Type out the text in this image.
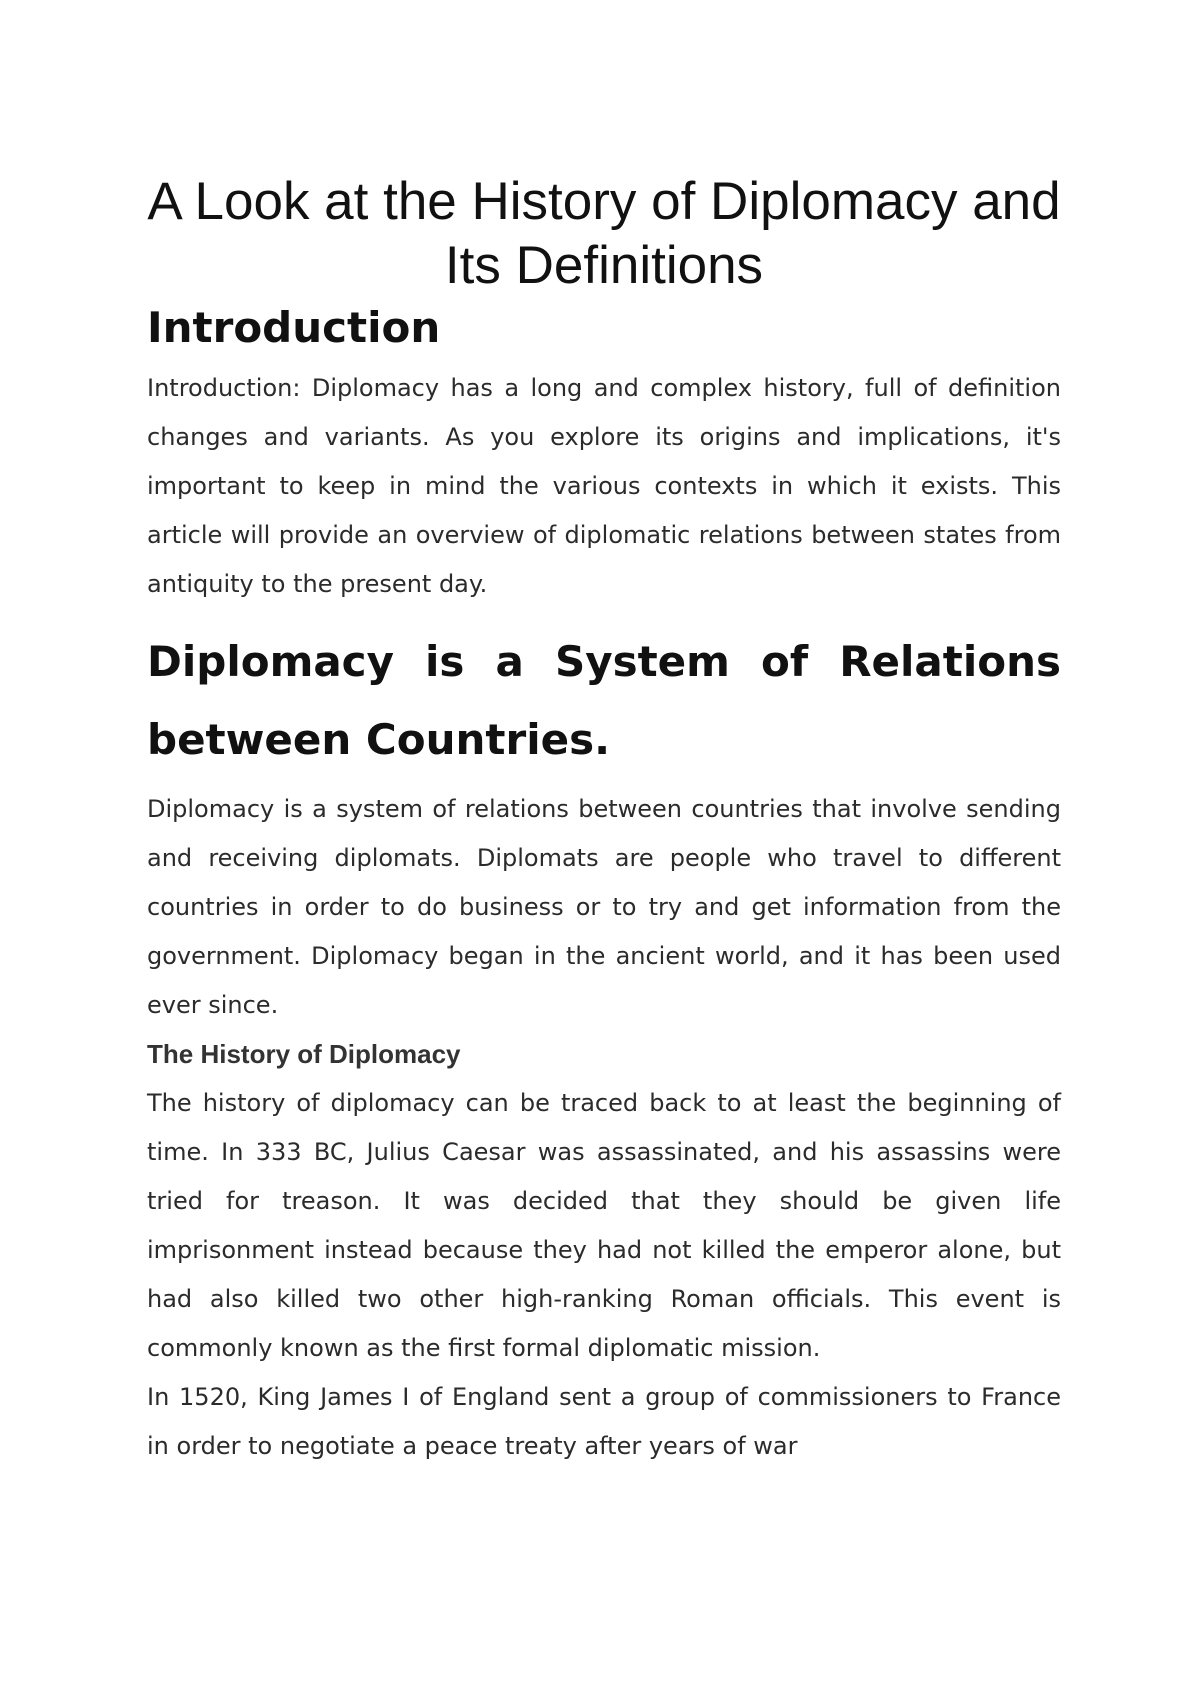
A Look at the History of Diplomacy and Its Definitions
Introduction

Introduction: Diplomacy has a long and complex history, full of definition changes and variants. As you explore its origins and implications, it's important to keep in mind the various contexts in which it exists. This article will provide an overview of diplomatic relations between states from antiquity to the present day.

Diplomacy is a System of Relations between Countries.

Diplomacy is a system of relations between countries that involve sending and receiving diplomats. Diplomats are people who travel to different countries in order to do business or to try and get information from the government. Diplomacy began in the ancient world, and it has been used ever since.

The History of Diplomacy

The history of diplomacy can be traced back to at least the beginning of time. In 333 BC, Julius Caesar was assassinated, and his assassins were tried for treason. It was decided that they should be given life imprisonment instead because they had not killed the emperor alone, but had also killed two other high-ranking Roman officials. This event is commonly known as the first formal diplomatic mission.

In 1520, King James I of England sent a group of commissioners to France in order to negotiate a peace treaty after years of war
